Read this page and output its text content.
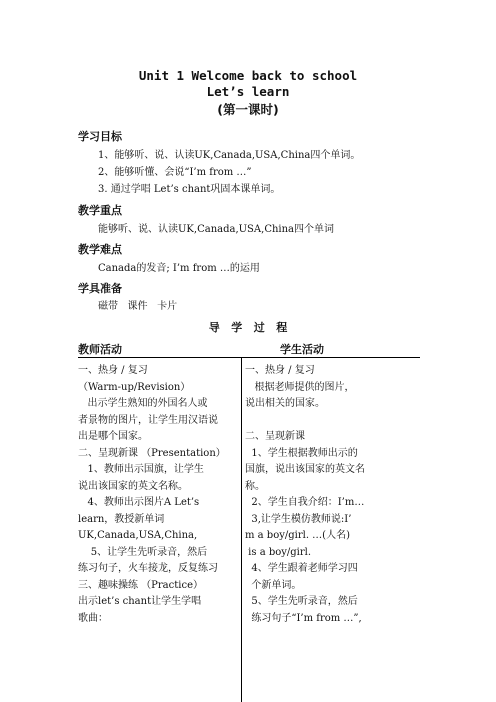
Unit 1 Welcome back to school
Let’s learn
(第一课时)
学习目标
1、能够听、说、认读UK,Canada,USA,China四个单词。
2、能够听懂、会说“I’m from …”
3. 通过学唱 Let’s chant巩固本课单词。
教学重点
能够听、说、认读UK,Canada,USA,China四个单词
教学难点
Canada的发音; I’m from …的运用
学具准备
磁带   课件   卡片
导   学   过   程
教师活动	学生活动
一、热身 / 复习
（Warm-up/Revision）
出示学生熟知的外国名人或
者景物的图片，让学生用汉语说
出是哪个国家。
二、呈现新课 （Presentation）
1、教师出示国旗，让学生
说出该国家的英文名称。
4、教师出示图片A Let’s
learn，教授新单词
UK,Canada,USA,China,
5、让学生先听录音，然后
练习句子，火车接龙，反复练习
三、趣味操练 （Practice）
出示let’s chant让学生学唱
歌曲：
一、热身 / 复习
根据老师提供的图片，
说出相关的国家。
二、呈现新课
1、学生根据教师出示的
国旗，说出该国家的英文名
称。
2、学生自我介绍：I’m…
3,让学生模仿教师说:I’
m a boy/girl. …(人名)
is a boy/girl.
4、学生跟着老师学习四
个新单词。
5、学生先听录音，然后
练习句子“I’m from …”,
